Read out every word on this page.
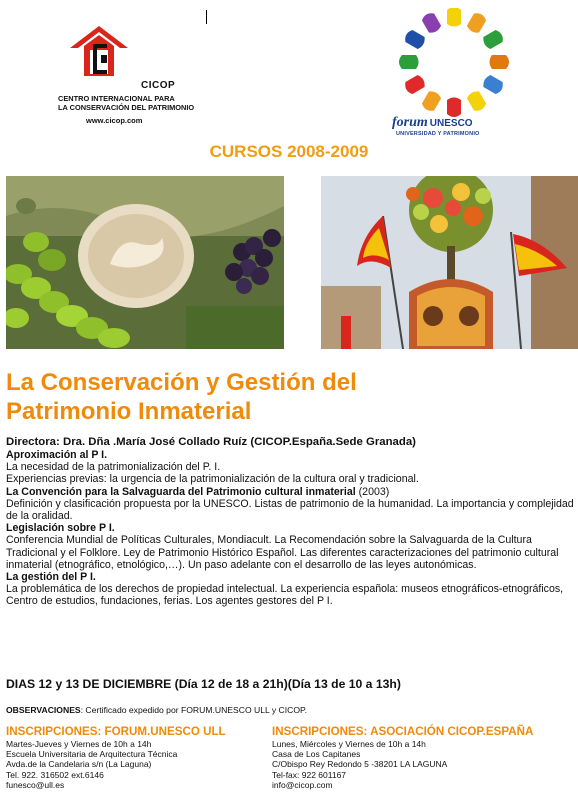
CICOP
CENTRO INTERNACIONAL PARA
LA CONSERVACIÓN DEL PATRIMONIO
www.cicop.com	forum UNESCO
UNIVERSIDAD Y PATRIMONIO
CURSOS 2008-2009
La Conservación y Gestión del
Patrimonio Inmaterial

Directora: Dra. Dña .María José Collado Ruíz (CICOP.España.Sede Granada)

Aproximación al P I.

La necesidad de la patrimonialización del P. I.

Experiencias previas: la urgencia de la patrimonialización de la cultura oral y tradicional.

La Convención para la Salvaguarda del Patrimonio cultural inmaterial (2003)

Definición y clasificación propuesta por la UNESCO. Listas de patrimonio de la humanidad. La importancia y complejidad de la oralidad.

Legislación sobre P I.

Conferencia Mundial de Políticas Culturales, Mondiacult. La Recomendación sobre la Salvaguarda de la Cultura Tradicional y el Folklore. Ley de Patrimonio Histórico Español. Las diferentes caracterizaciones del patrimonio cultural inmaterial (etnográfico, etnológico,…). Un paso adelante con el desarrollo de las leyes autonómicas.

La gestión del P I.

La problemática de los derechos de propiedad intelectual. La experiencia española: museos etnográficos-etnográficos, Centro de estudios, fundaciones, ferias. Los agentes gestores del P I.

DIAS 12 y 13 DE DICIEMBRE (Día 12 de 18 a 21h)(Día 13 de 10 a 13h)
OBSERVACIONES: Certificado expedido por FORUM.UNESCO ULL y CICOP.
INSCRIPCIONES: FORUM.UNESCO ULL
Martes-Jueves y Viernes de 10h a 14h
Escuela Universitaria de Arquitectura Técnica
Avda.de la Candelaria s/n (La Laguna)
Tel. 922. 316502 ext.6146
funesco@ull.es
INSCRIPCIONES: ASOCIACIÓN CICOP.ESPAÑA
Lunes, Miércoles y Viernes de 10h a 14h
Casa de Los Capitanes
C/Obispo Rey Redondo 5 -38201 LA LAGUNA
Tel-fax: 922 601167
info@cicop.com
